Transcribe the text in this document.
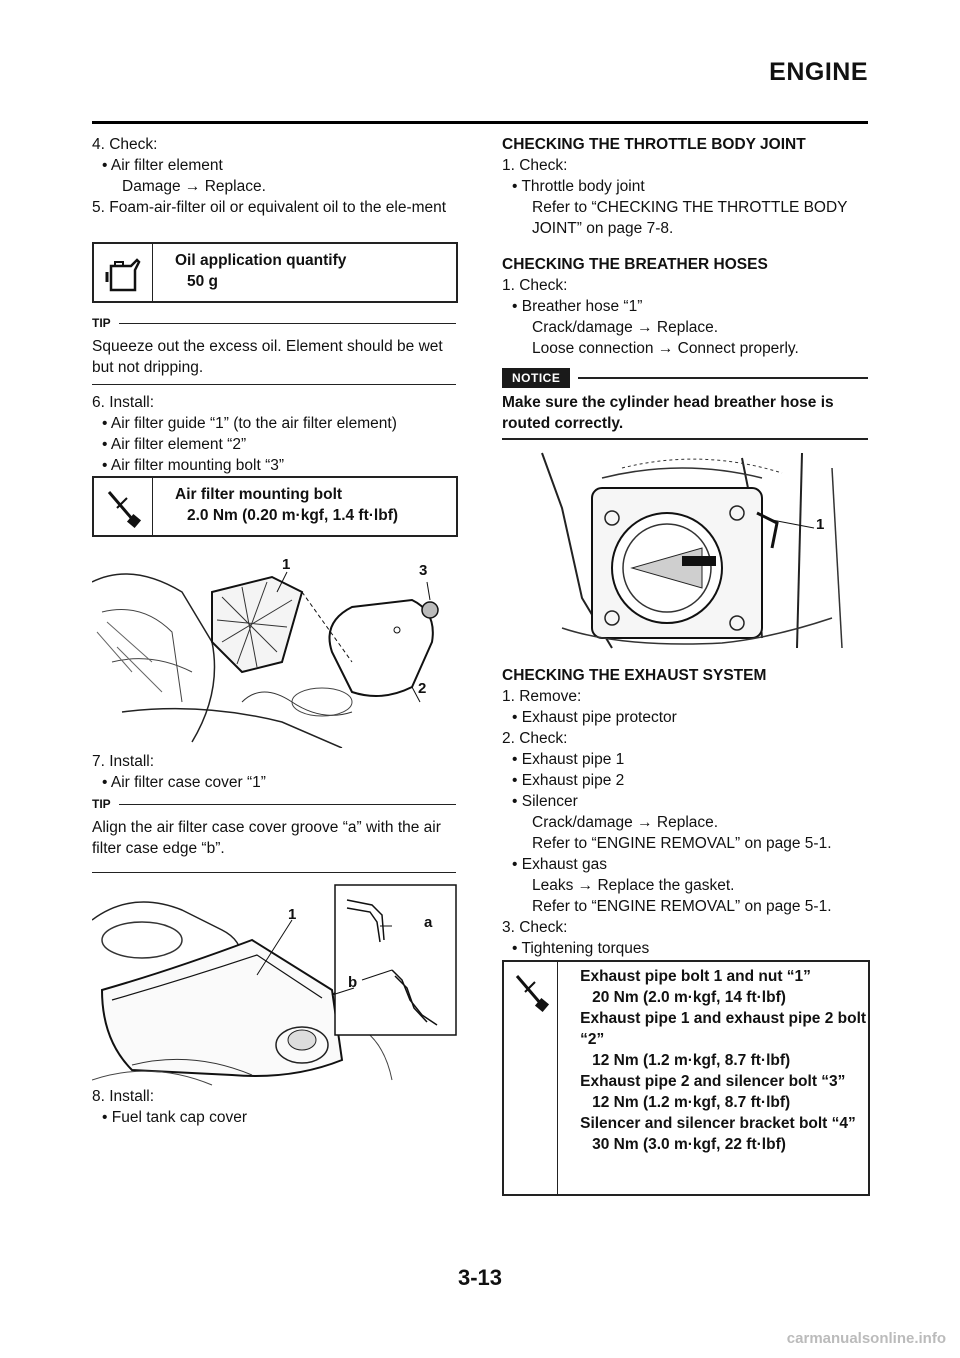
ENGINE

4. Check:

• Air filter element

Damage → Replace.

5. Foam-air-filter oil or equivalent oil to the ele-ment

Oil application quantify
50 g
TIP

Squeeze out the excess oil. Element should be wet but not dripping.

6. Install:

• Air filter guide “1” (to the air filter element)

• Air filter element “2”

• Air filter mounting bolt “3”

Air filter mounting bolt
2.0 Nm (0.20 m·kgf, 1.4 ft·lbf)
1	3
2

7. Install:

• Air filter case cover “1”

TIP

Align the air filter case cover groove “a” with the air filter case edge “b”.

1	a
b

8. Install:

• Fuel tank cap cover

CHECKING THE THROTTLE BODY JOINT

1. Check:

• Throttle body joint

Refer to “CHECKING THE THROTTLE BODY JOINT” on page 7-8.

CHECKING THE BREATHER HOSES

1. Check:

• Breather hose “1”

Crack/damage → Replace.

Loose connection → Connect properly.

NOTICE

Make sure the cylinder head breather hose is routed correctly.

1

CHECKING THE EXHAUST SYSTEM

1. Remove:

• Exhaust pipe protector

2. Check:

• Exhaust pipe 1

• Exhaust pipe 2

• Silencer

Crack/damage → Replace.

Refer to “ENGINE REMOVAL” on page 5-1.

• Exhaust gas

Leaks → Replace the gasket.

Refer to “ENGINE REMOVAL” on page 5-1.

3. Check:

• Tightening torques

Exhaust pipe bolt 1 and nut “1”
20 Nm (2.0 m·kgf, 14 ft·lbf)
Exhaust pipe 1 and exhaust pipe 2 bolt “2”
12 Nm (1.2 m·kgf, 8.7 ft·lbf)
Exhaust pipe 2 and silencer bolt “3”
12 Nm (1.2 m·kgf, 8.7 ft·lbf)
Silencer and silencer bracket bolt “4”
30 Nm (3.0 m·kgf, 22 ft·lbf)
3-13
carmanualsonline.info
